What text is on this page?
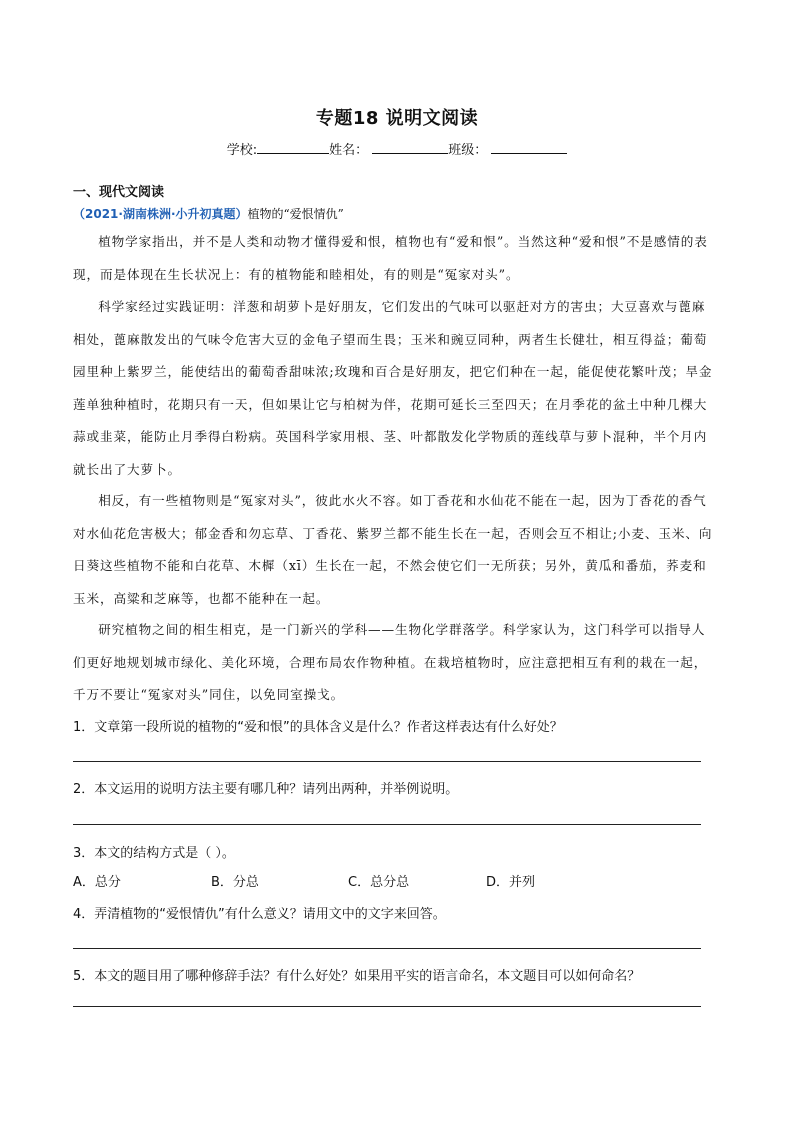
专题18 说明文阅读
学校:	姓名：	班级：
一、现代文阅读
（2021·湖南株洲·小升初真题）植物的“爱恨情仇”

植物学家指出，并不是人类和动物才懂得爱和恨，植物也有“爱和恨”。当然这种“爱和恨”不是感情的表现，而是体现在生长状况上：有的植物能和睦相处，有的则是“冤家对头”。

科学家经过实践证明：洋葱和胡萝卜是好朋友，它们发出的气味可以驱赶对方的害虫；大豆喜欢与蓖麻相处，蓖麻散发出的气味令危害大豆的金龟子望而生畏；玉米和豌豆同种，两者生长健壮，相互得益；葡萄园里种上紫罗兰，能使结出的葡萄香甜味浓;玫瑰和百合是好朋友，把它们种在一起，能促使花繁叶茂；旱金莲单独种植时，花期只有一天，但如果让它与柏树为伴，花期可延长三至四天；在月季花的盆土中种几棵大蒜或韭菜，能防止月季得白粉病。英国科学家用根、茎、叶都散发化学物质的莲线草与萝卜混种，半个月内就长出了大萝卜。

相反，有一些植物则是“冤家对头”，彼此水火不容。如丁香花和水仙花不能在一起，因为丁香花的香气对水仙花危害极大；郁金香和勿忘草、丁香花、紫罗兰都不能生长在一起，否则会互不相让;小麦、玉米、向日葵这些植物不能和白花草、木樨（xī）生长在一起，不然会使它们一无所获；另外，黄瓜和番茄，荞麦和玉米，高粱和芝麻等，也都不能种在一起。

研究植物之间的相生相克，是一门新兴的学科——生物化学群落学。科学家认为，这门科学可以指导人们更好地规划城市绿化、美化环境，合理布局农作物种植。在栽培植物时，应注意把相互有利的栽在一起，千万不要让“冤家对头”同住，以免同室操戈。

1．文章第一段所说的植物的“爱和恨”的具体含义是什么？作者这样表达有什么好处？
2．本文运用的说明方法主要有哪几种？请列出两种，并举例说明。
3．本文的结构方式是（ ）。
A．总分	B．分总	C．总分总	D．并列
4．弄清植物的“爱恨情仇”有什么意义？请用文中的文字来回答。
5．本文的题目用了哪种修辞手法？有什么好处？如果用平实的语言命名，本文题目可以如何命名？
